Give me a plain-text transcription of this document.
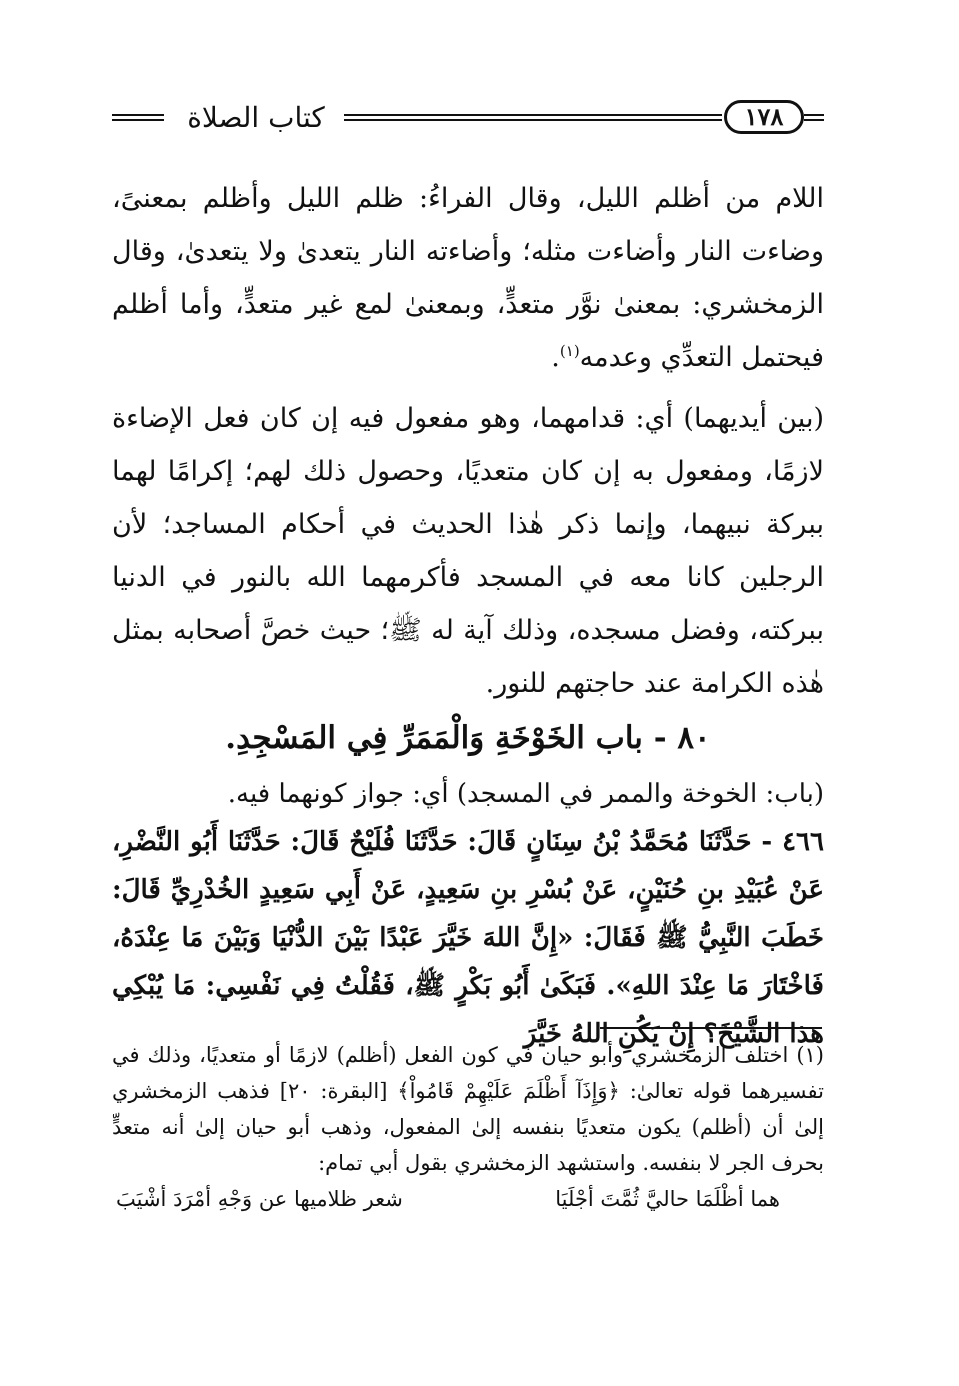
كتاب الصلاة	١٧٨

اللام من أظلم الليل، وقال الفراءُ: ظلم الليل وأظلم بمعنىً، وضاءت النار وأضاءت مثله؛ وأضاءته النار يتعدىٰ ولا يتعدىٰ، وقال الزمخشري: بمعنىٰ نوَّر متعدٍّ، وبمعنىٰ لمع غير متعدٍّ، وأما أظلم فيحتمل التعدِّي وعدمه$^{(١)}$.

(بين أيديهما) أي: قدامهما، وهو مفعول فيه إن كان فعل الإضاءة لازمًا، ومفعول به إن كان متعديًا، وحصول ذلك لهم؛ إكرامًا لهما ببركة نبيهما، وإنما ذكر هٰذا الحديث في أحكام المساجد؛ لأن الرجلين كانا معه في المسجد فأكرمهما الله بالنور في الدنيا ببركته، وفضل مسجده، وذلك آية له ﷺ؛ حيث خصَّ أصحابه بمثل هٰذه الكرامة عند حاجتهم للنور.

٨٠ - باب الخَوْخَةِ وَالْمَمَرِّ فِي المَسْجِدِ.

(باب: الخوخة والممر في المسجد) أي: جواز كونهما فيه.

٤٦٦ - حَدَّثَنَا مُحَمَّدُ بْنُ سِنَانٍ قَالَ: حَدَّثَنَا فُلَيْحٌ قَالَ: حَدَّثَنَا أَبُو النَّضْرِ، عَنْ عُبَيْدِ بنِ حُنَيْنٍ، عَنْ بُسْرِ بنِ سَعِيدٍ، عَنْ أَبِي سَعِيدٍ الخُدْرِيِّ قَالَ: خَطَبَ النَّبِيُّ ﷺ فَقَالَ: «إِنَّ اللهَ خَيَّرَ عَبْدًا بَيْنَ الدُّنْيَا وَبَيْنَ مَا عِنْدَهُ، فَاخْتَارَ مَا عِنْدَ اللهِ». فَبَكَىٰ أَبُو بَكْرٍ ﷺ، فَقُلْتُ فِي نَفْسِي: مَا يُبْكِي هذا الشَّيْخَ؟ إِنْ يَكُنِ اللهُ خَيَّرَ

(١) اختلف الزمخشري وأبو حيان في كون الفعل (أظلم) لازمًا أو متعديًا، وذلك في تفسيرهما قوله تعالىٰ: ﴿وَإِذَآ أَظْلَمَ عَلَيْهِمْ قَامُواْ﴾ [البقرة: ٢٠] فذهب الزمخشري إلىٰ أن (أظلم) يكون متعديًا بنفسه إلىٰ المفعول، وذهب أبو حيان إلىٰ أنه متعدٍّ بحرف الجر لا بنفسه. واستشهد الزمخشري بقول أبي تمام:

هما أظْلَمَا حاليَّ ثُمَّتَ أجْلَيَا
شعر ظلاميها عن وَجْهِ أمْرَدَ أشْيَبَ
